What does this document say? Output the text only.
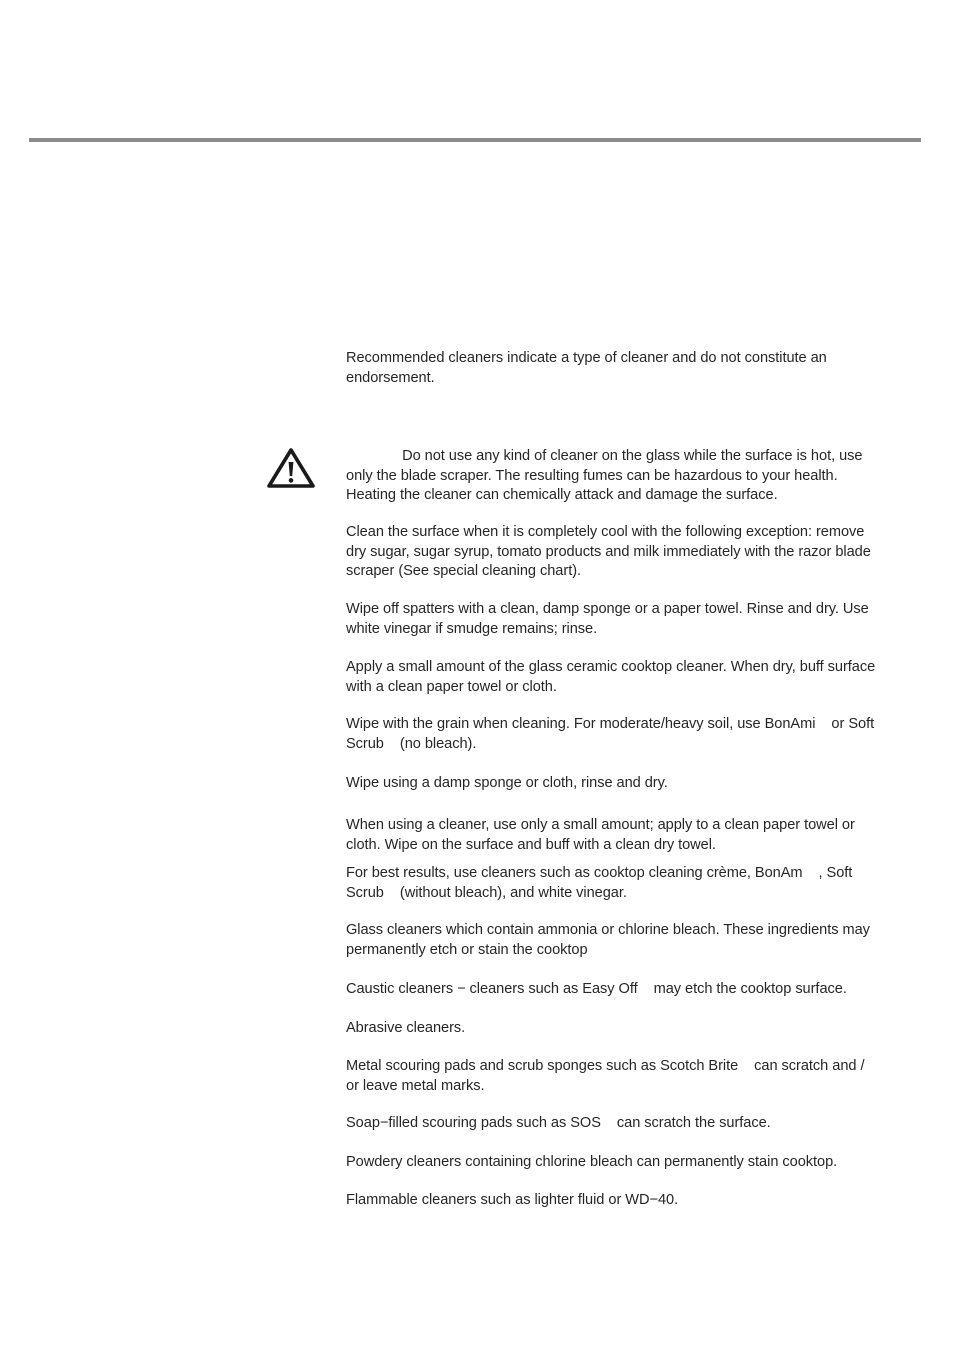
Recommended cleaners indicate a type of cleaner and do not constitute an
endorsement.

Do not use any kind of cleaner on the glass while the surface is hot, use
only the blade scraper. The resulting fumes can be hazardous to your health.
Heating the cleaner can chemically attack and damage the surface.

Clean the surface when it is completely cool with the following exception: remove
dry sugar, sugar syrup, tomato products and milk immediately with the razor blade
scraper (See special cleaning chart).

Wipe off spatters with a clean, damp sponge or a paper towel. Rinse and dry. Use
white vinegar if smudge remains; rinse.

Apply a small amount of the glass ceramic cooktop cleaner. When dry, buff surface
with a clean paper towel or cloth.

Wipe with the grain when cleaning. For moderate/heavy soil, use BonAmi    or Soft
Scrub    (no bleach).

Wipe using a damp sponge or cloth, rinse and dry.

When using a cleaner, use only a small amount; apply to a clean paper towel or
cloth. Wipe on the surface and buff with a clean dry towel.

For best results, use cleaners such as cooktop cleaning crème, BonAm    , Soft
Scrub    (without bleach), and white vinegar.

Glass cleaners which contain ammonia or chlorine bleach. These ingredients may
permanently etch or stain the cooktop

Caustic cleaners − cleaners such as Easy Off    may etch the cooktop surface.

Abrasive cleaners.

Metal scouring pads and scrub sponges such as Scotch Brite    can scratch and /
or leave metal marks.

Soap−filled scouring pads such as SOS    can scratch the surface.

Powdery cleaners containing chlorine bleach can permanently stain cooktop.

Flammable cleaners such as lighter fluid or WD−40.
